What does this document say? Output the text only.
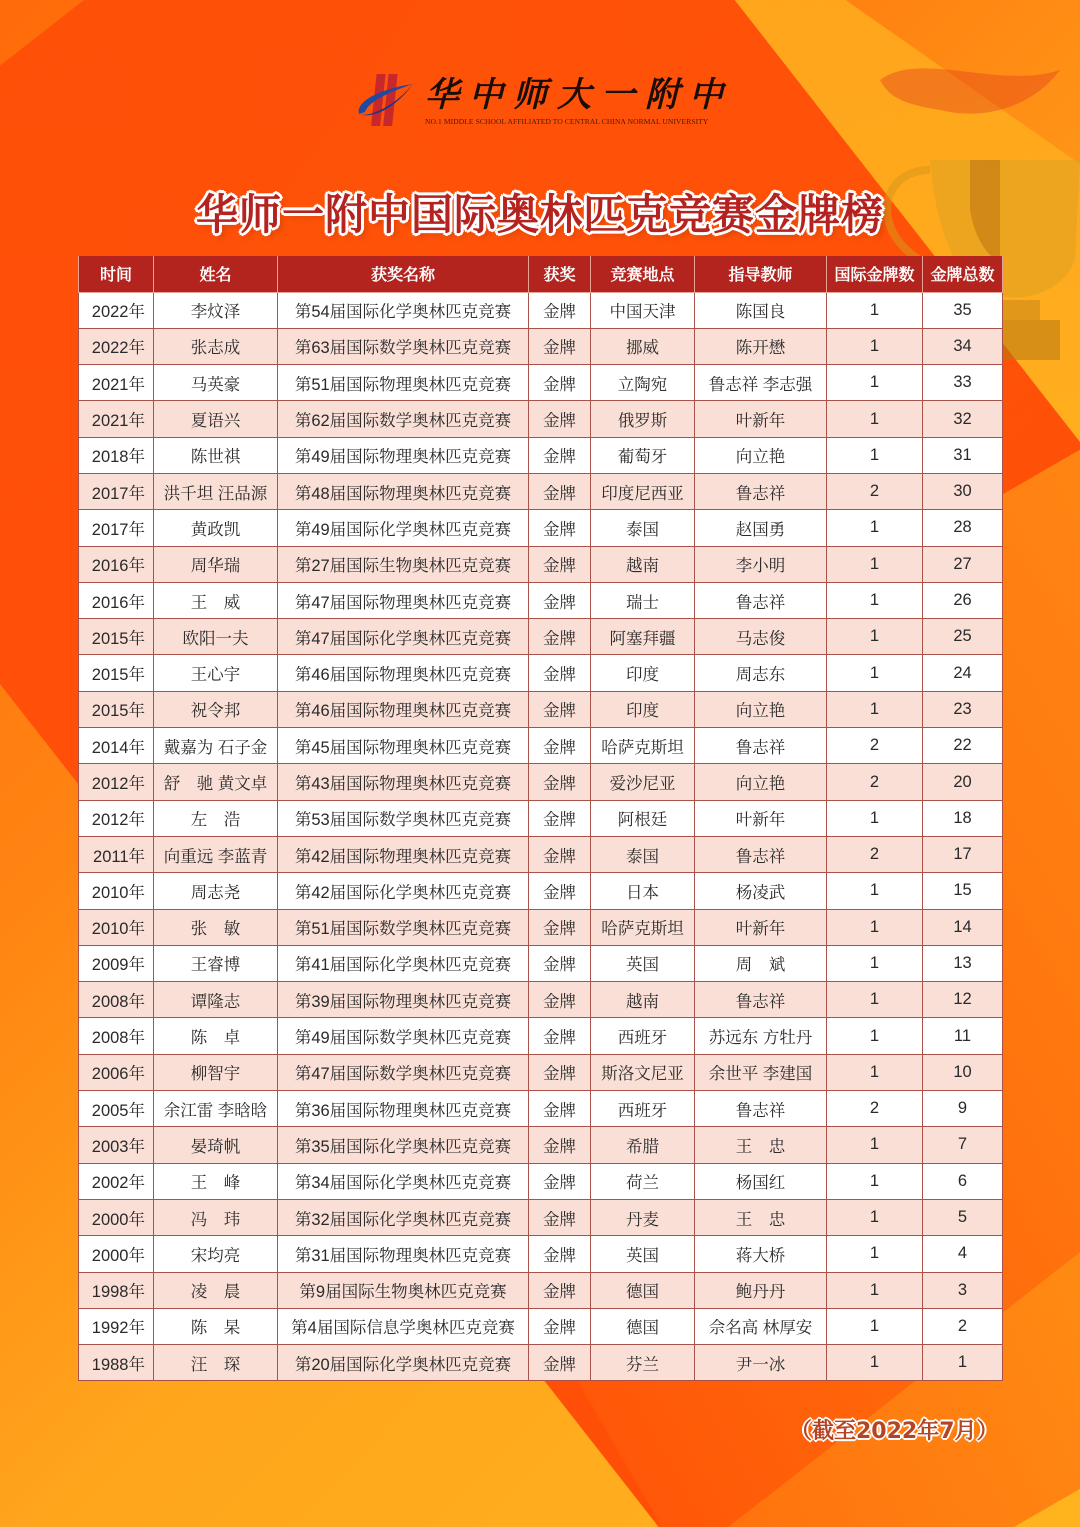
华中师大一附中
NO.1 MIDDLE SCHOOL AFFILIATED TO CENTRAL CHINA NORMAL UNIVERSITY
华师一附中国际奥林匹克竞赛金牌榜
时间	姓名	获奖名称	获奖	竞赛地点	指导教师	国际金牌数	金牌总数
2022年	李炆泽	第54届国际化学奥林匹克竞赛	金牌	中国天津	陈国良	1	35
2022年	张志成	第63届国际数学奥林匹克竞赛	金牌	挪威	陈开懋	1	34
2021年	马英豪	第51届国际物理奥林匹克竞赛	金牌	立陶宛	鲁志祥 李志强	1	33
2021年	夏语兴	第62届国际数学奥林匹克竞赛	金牌	俄罗斯	叶新年	1	32
2018年	陈世祺	第49届国际物理奥林匹克竞赛	金牌	葡萄牙	向立艳	1	31
2017年	洪千坦 汪品源	第48届国际物理奥林匹克竞赛	金牌	印度尼西亚	鲁志祥	2	30
2017年	黄政凯	第49届国际化学奥林匹克竞赛	金牌	泰国	赵国勇	1	28
2016年	周华瑞	第27届国际生物奥林匹克竞赛	金牌	越南	李小明	1	27
2016年	王　威	第47届国际物理奥林匹克竞赛	金牌	瑞士	鲁志祥	1	26
2015年	欧阳一夫	第47届国际化学奥林匹克竞赛	金牌	阿塞拜疆	马志俊	1	25
2015年	王心宇	第46届国际物理奥林匹克竞赛	金牌	印度	周志东	1	24
2015年	祝令邦	第46届国际物理奥林匹克竞赛	金牌	印度	向立艳	1	23
2014年	戴嘉为 石子金	第45届国际物理奥林匹克竞赛	金牌	哈萨克斯坦	鲁志祥	2	22
2012年	舒　驰 黄文卓	第43届国际物理奥林匹克竞赛	金牌	爱沙尼亚	向立艳	2	20
2012年	左　浩	第53届国际数学奥林匹克竞赛	金牌	阿根廷	叶新年	1	18
2011年	向重远 李蓝青	第42届国际物理奥林匹克竞赛	金牌	泰国	鲁志祥	2	17
2010年	周志尧	第42届国际化学奥林匹克竞赛	金牌	日本	杨凌武	1	15
2010年	张　敏	第51届国际数学奥林匹克竞赛	金牌	哈萨克斯坦	叶新年	1	14
2009年	王睿博	第41届国际化学奥林匹克竞赛	金牌	英国	周　斌	1	13
2008年	谭隆志	第39届国际物理奥林匹克竞赛	金牌	越南	鲁志祥	1	12
2008年	陈　卓	第49届国际数学奥林匹克竞赛	金牌	西班牙	苏远东 方牡丹	1	11
2006年	柳智宇	第47届国际数学奥林匹克竞赛	金牌	斯洛文尼亚	余世平 李建国	1	10
2005年	余江雷 李晗晗	第36届国际物理奥林匹克竞赛	金牌	西班牙	鲁志祥	2	9
2003年	晏琦帆	第35届国际化学奥林匹克竞赛	金牌	希腊	王　忠	1	7
2002年	王　峰	第34届国际化学奥林匹克竞赛	金牌	荷兰	杨国红	1	6
2000年	冯　玮	第32届国际化学奥林匹克竞赛	金牌	丹麦	王　忠	1	5
2000年	宋均亮	第31届国际物理奥林匹克竞赛	金牌	英国	蒋大桥	1	4
1998年	凌　晨	第9届国际生物奥林匹克竞赛	金牌	德国	鲍丹丹	1	3
1992年	陈　杲	第4届国际信息学奥林匹克竞赛	金牌	德国	佘名高 林厚安	1	2
1988年	汪　琛	第20届国际化学奥林匹克竞赛	金牌	芬兰	尹一冰	1	1
（截至2022年7月）
